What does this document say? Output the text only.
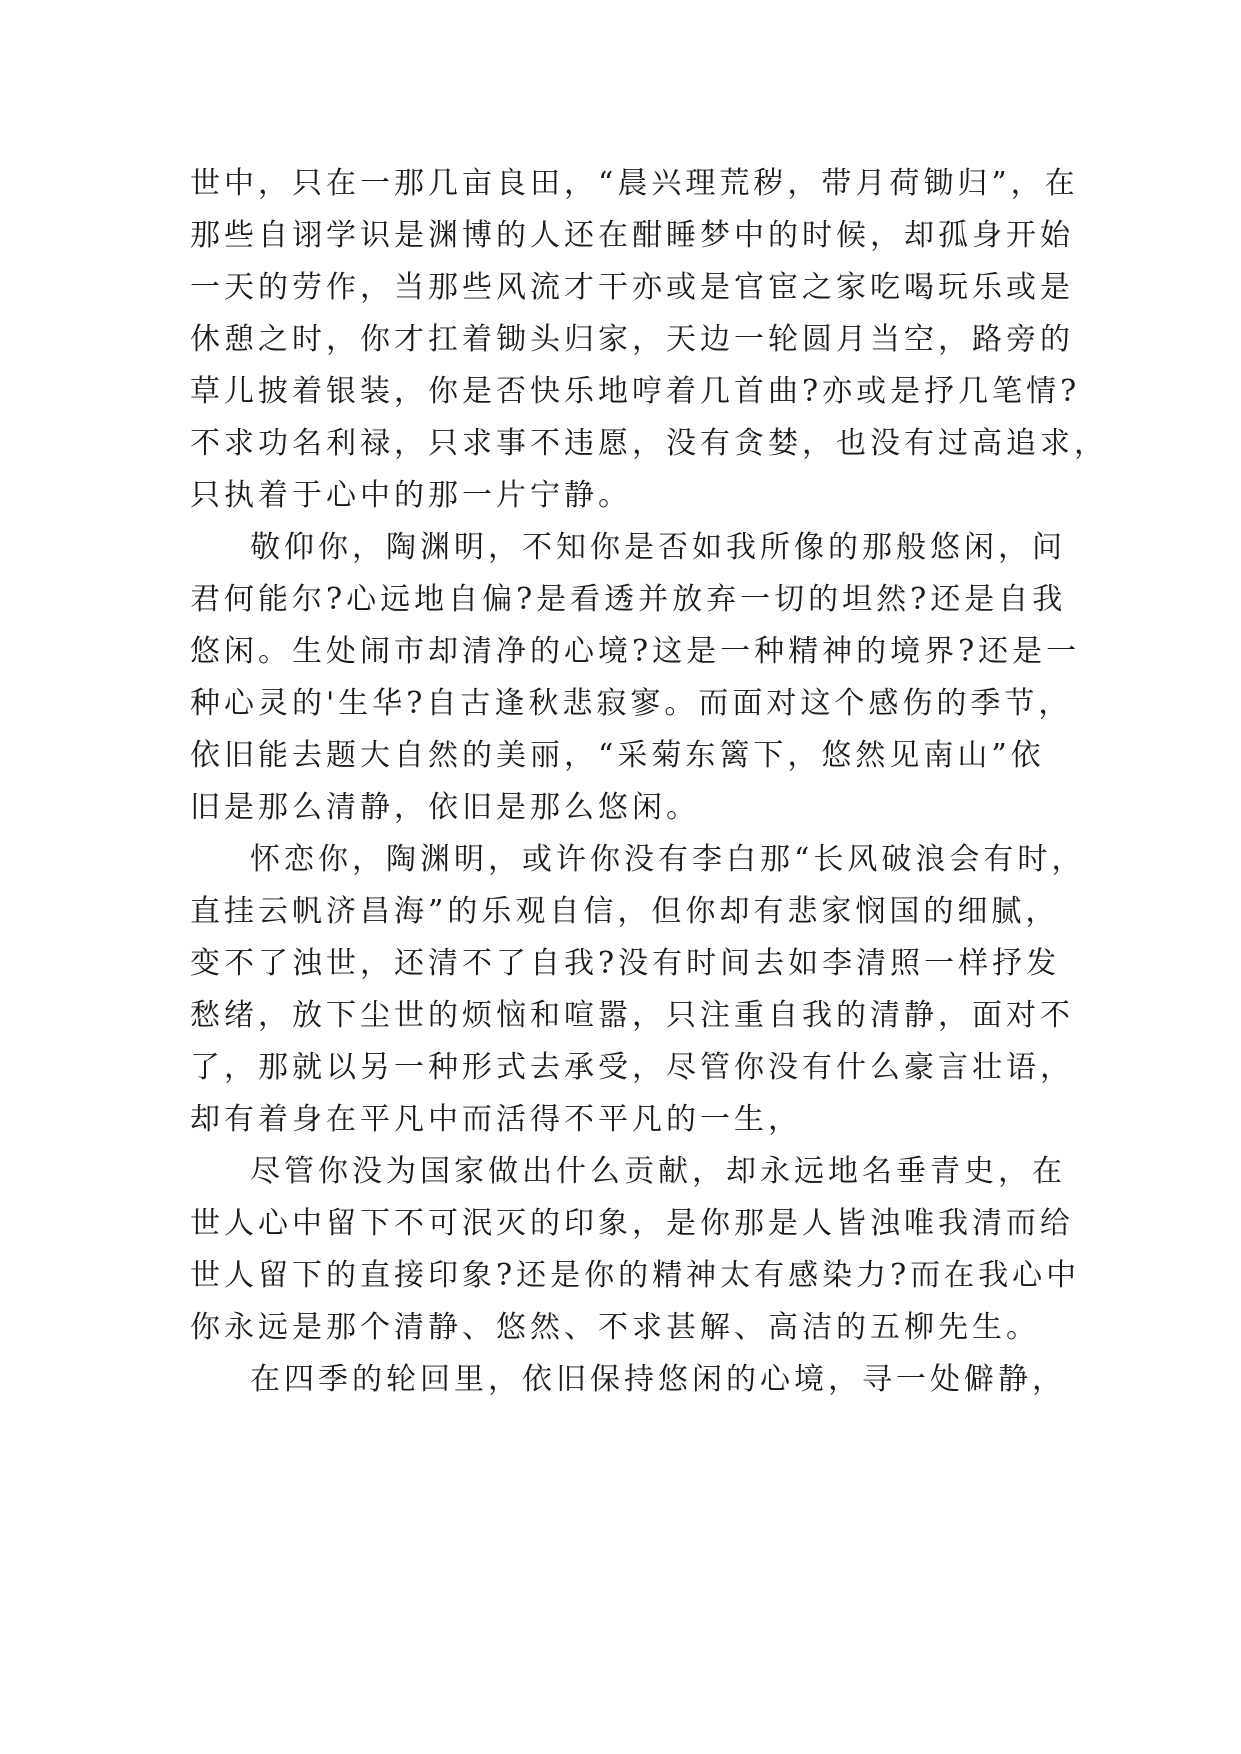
世中，只在一那几亩良田，“晨兴理荒秽，带月荷锄归”，在
那些自诩学识是渊博的人还在酣睡梦中的时候，却孤身开始
一天的劳作，当那些风流才干亦或是官宦之家吃喝玩乐或是
休憩之时，你才扛着锄头归家，天边一轮圆月当空，路旁的
草儿披着银装，你是否快乐地哼着几首曲?亦或是抒几笔情?
不求功名利禄，只求事不违愿，没有贪婪，也没有过高追求，
只执着于心中的那一片宁静。
敬仰你，陶渊明，不知你是否如我所像的那般悠闲，问
君何能尔?心远地自偏?是看透并放弃一切的坦然?还是自我
悠闲。生处闹市却清净的心境?这是一种精神的境界?还是一
种心灵的'生华?自古逢秋悲寂寥。而面对这个感伤的季节，
依旧能去题大自然的美丽，“采菊东篱下，悠然见南山”依
旧是那么清静，依旧是那么悠闲。
怀恋你，陶渊明，或许你没有李白那“长风破浪会有时，
直挂云帆济昌海”的乐观自信，但你却有悲家悯国的细腻，
变不了浊世，还清不了自我?没有时间去如李清照一样抒发
愁绪，放下尘世的烦恼和喧嚣，只注重自我的清静，面对不
了，那就以另一种形式去承受，尽管你没有什么豪言壮语，
却有着身在平凡中而活得不平凡的一生，
尽管你没为国家做出什么贡献，却永远地名垂青史，在
世人心中留下不可泯灭的印象，是你那是人皆浊唯我清而给
世人留下的直接印象?还是你的精神太有感染力?而在我心中
你永远是那个清静、悠然、不求甚解、高洁的五柳先生。
在四季的轮回里，依旧保持悠闲的心境，寻一处僻静，
